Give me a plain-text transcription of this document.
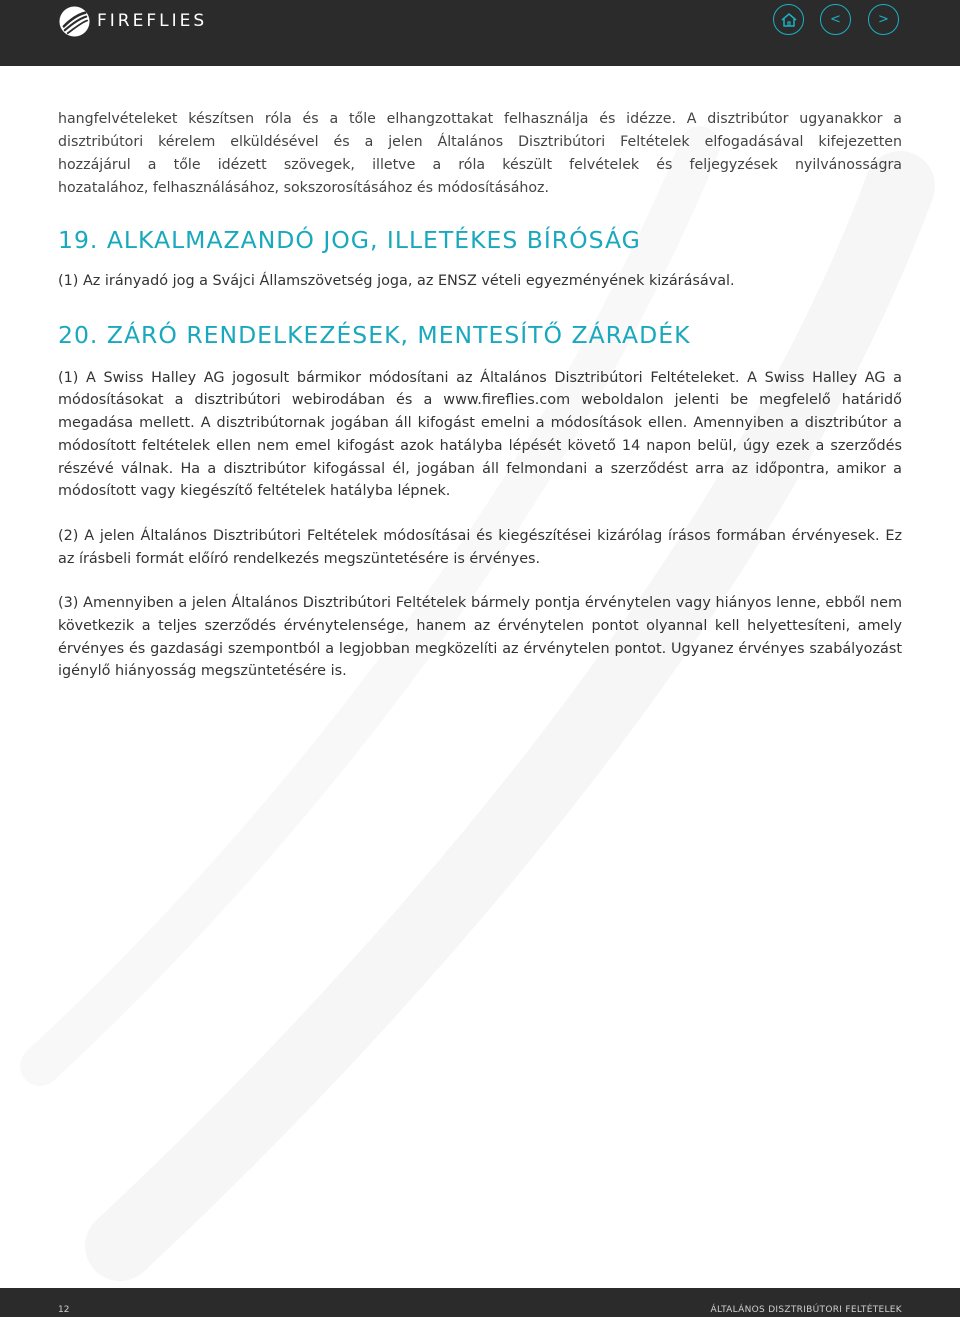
FIREFLIES	<	>

hangfelvételeket készítsen róla és a tőle elhangzottakat felhasználja és idézze. A disztribútor ugyanakkor a

disztribútori kérelem elküldésével és a jelen Általános Disztribútori Feltételek elfogadásával kifejezetten

hozzájárul a tőle idézett szövegek, illetve a róla készült felvételek és feljegyzések nyilvánosságra

hozatalához, felhasználásához, sokszorosításához és módosításához.

19. ALKALMAZANDÓ JOG, ILLETÉKES BÍRÓSÁG

(1) Az irányadó jog a Svájci Államszövetség joga, az ENSZ vételi egyezményének kizárásával.

20. ZÁRÓ RENDELKEZÉSEK, MENTESÍTŐ ZÁRADÉK

(1) A Swiss Halley AG jogosult bármikor módosítani az Általános Disztribútori Feltételeket. A Swiss Halley AG a módosításokat a disztribútori webirodában és a www.fireflies.com weboldalon jelenti be megfelelő határidő megadása mellett. A disztribútornak jogában áll kifogást emelni a módosítások ellen. Amennyiben a disztribútor a módosított feltételek ellen nem emel kifogást azok hatályba lépését követő 14 napon belül, úgy ezek a szerződés részévé válnak. Ha a disztribútor kifogással él, jogában áll felmondani a szerződést arra az időpontra, amikor a módosított vagy kiegészítő feltételek hatályba lépnek.

(2) A jelen Általános Disztribútori Feltételek módosításai és kiegészítései kizárólag írásos formában érvényesek. Ez az írásbeli formát előíró rendelkezés megszüntetésére is érvényes.

(3) Amennyiben a jelen Általános Disztribútori Feltételek bármely pontja érvénytelen vagy hiányos lenne, ebből nem következik a teljes szerződés érvénytelensége, hanem az érvénytelen pontot olyannal kell helyettesíteni, amely érvényes és gazdasági szempontból a legjobban megközelíti az érvénytelen pontot. Ugyanez érvényes szabályozást igénylő hiányosság megszüntetésére is.

12	ÁLTALÁNOS DISZTRIBÚTORI FELTÉTELEK
